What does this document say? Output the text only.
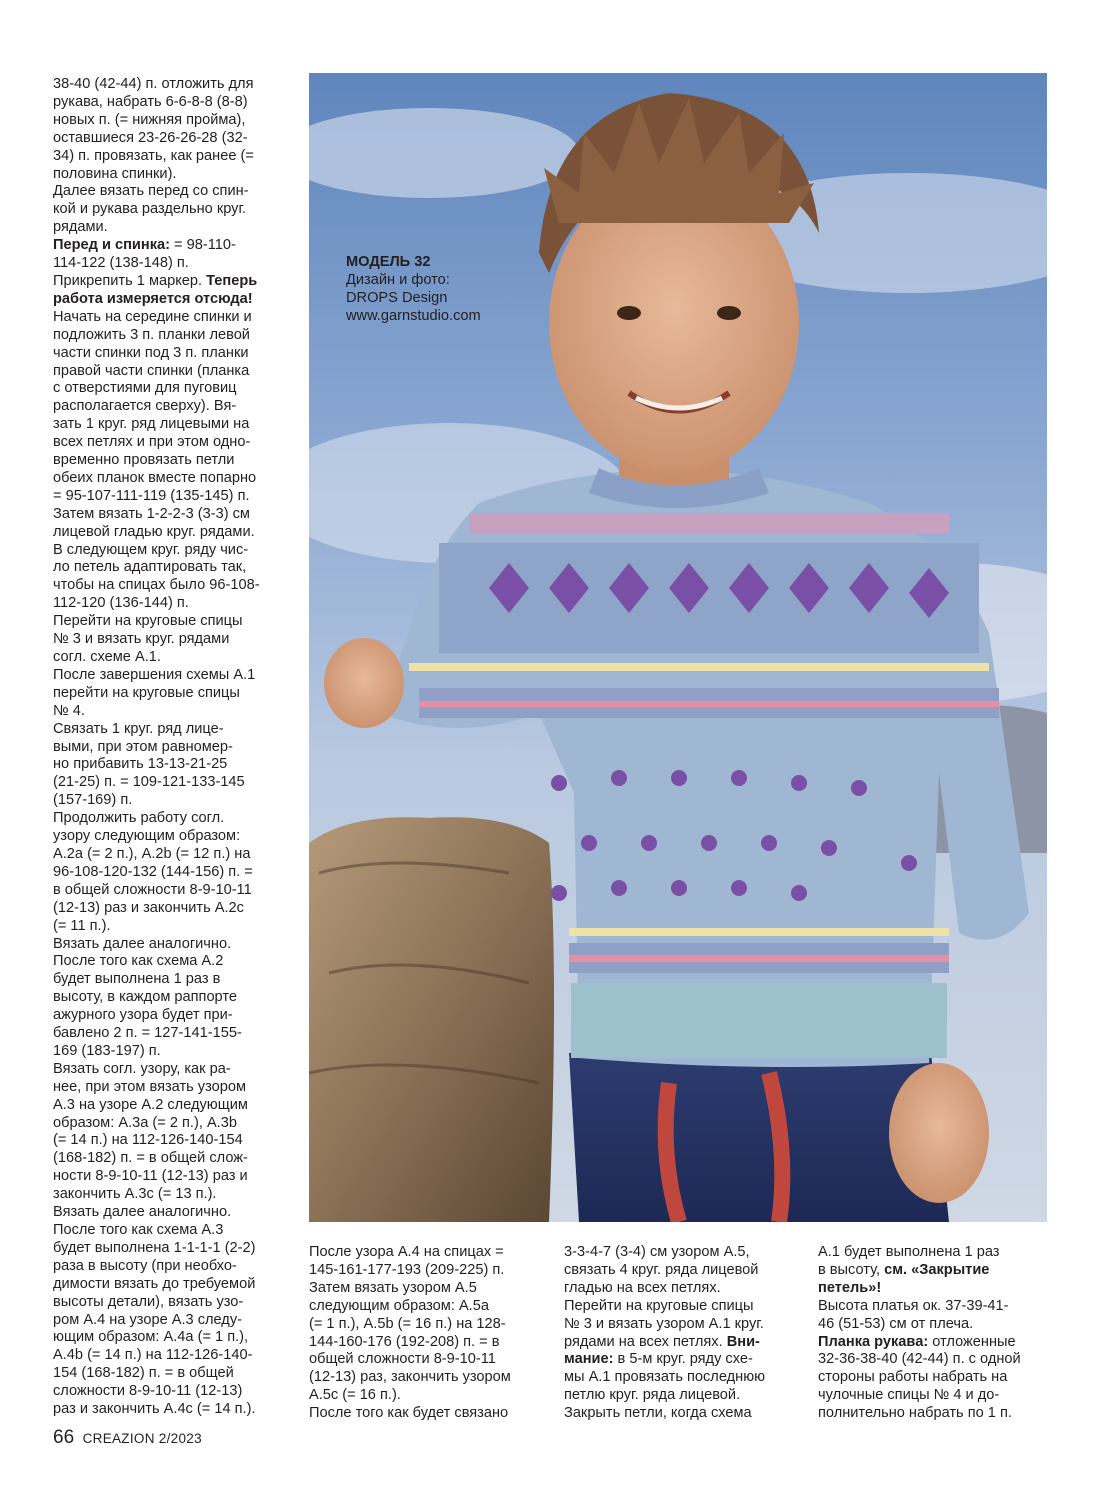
38-40 (42-44) п. отложить для

рукава, набрать 6-6-8-8 (8-8)

новых п. (= нижняя пройма),

оставшиеся 23-26-26-28 (32-

34) п. провязать, как ранее (=

половина спинки).

Далее вязать перед со спин-

кой и рукава раздельно круг.

рядами.

Перед и спинка: = 98-110-

114-122 (138-148) п.

Прикрепить 1 маркер. Теперь

работа измеряется отсюда!

Начать на середине спинки и

подложить 3 п. планки левой

части спинки под 3 п. планки

правой части спинки (планка

с отверстиями для пуговиц

располагается сверху). Вя-

зать 1 круг. ряд лицевыми на

всех петлях и при этом одно-

временно провязать петли

обеих планок вместе попарно

= 95-107-111-119 (135-145) п.

Затем вязать 1-2-2-3 (3-3) см

лицевой гладью круг. рядами.

В следующем круг. ряду чис-

ло петель адаптировать так,

чтобы на спицах было 96-108-

112-120 (136-144) п.

Перейти на круговые спицы

№ 3 и вязать круг. рядами

согл. схеме А.1.

После завершения схемы А.1

перейти на круговые спицы

№ 4.

Связать 1 круг. ряд лице-

выми, при этом равномер-

но прибавить 13-13-21-25

(21-25) п. = 109-121-133-145

(157-169) п.

Продолжить работу согл.

узору следующим образом:

А.2a (= 2 п.), А.2b (= 12 п.) на

96-108-120-132 (144-156) п. =

в общей сложности 8-9-10-11

(12-13) раз и закончить А.2c

(= 11 п.).

Вязать далее аналогично.

После того как схема А.2

будет выполнена 1 раз в

высоту, в каждом раппорте

ажурного узора будет при-

бавлено 2 п. = 127-141-155-

169 (183-197) п.

Вязать согл. узору, как ра-

нее, при этом вязать узором

А.3 на узоре А.2 следующим

образом: А.3a (= 2 п.), А.3b

(= 14 п.) на 112-126-140-154

(168-182) п. = в общей слож-

ности 8-9-10-11 (12-13) раз и

закончить А.3c (= 13 п.).

Вязать далее аналогично.

После того как схема А.3

будет выполнена 1-1-1-1 (2-2)

раза в высоту (при необхо-

димости вязать до требуемой

высоты детали), вязать узо-

ром А.4 на узоре А.3 следу-

ющим образом: А.4a (= 1 п.),

А.4b (= 14 п.) на 112-126-140-

154 (168-182) п. = в общей

сложности 8-9-10-11 (12-13)

раз и закончить А.4c (= 14 п.).

МОДЕЛЬ 32
Дизайн и фото:
DROPS Design
www.garnstudio.com

После узора А.4 на спицах =

145-161-177-193 (209-225) п.

Затем вязать узором А.5

следующим образом: А.5a

(= 1 п.), А.5b (= 16 п.) на 128-

144-160-176 (192-208) п. = в

общей сложности 8-9-10-11

(12-13) раз, закончить узором

А.5c (= 16 п.).

После того как будет связано

3-3-4-7 (3-4) см узором А.5,

связать 4 круг. ряда лицевой

гладью на всех петлях.

Перейти на круговые спицы

№ 3 и вязать узором А.1 круг.

рядами на всех петлях. Вни-

мание: в 5-м круг. ряду схе-

мы А.1 провязать последнюю

петлю круг. ряда лицевой.

Закрыть петли, когда схема

А.1 будет выполнена 1 раз

в высоту, см. «Закрытие

петель»!

Высота платья ок. 37-39-41-

46 (51-53) см от плеча.

Планка рукава: отложенные

32-36-38-40 (42-44) п. с одной

стороны работы набрать на

чулочные спицы № 4 и до-

полнительно набрать по 1 п.

66 CREAZION 2/2023
